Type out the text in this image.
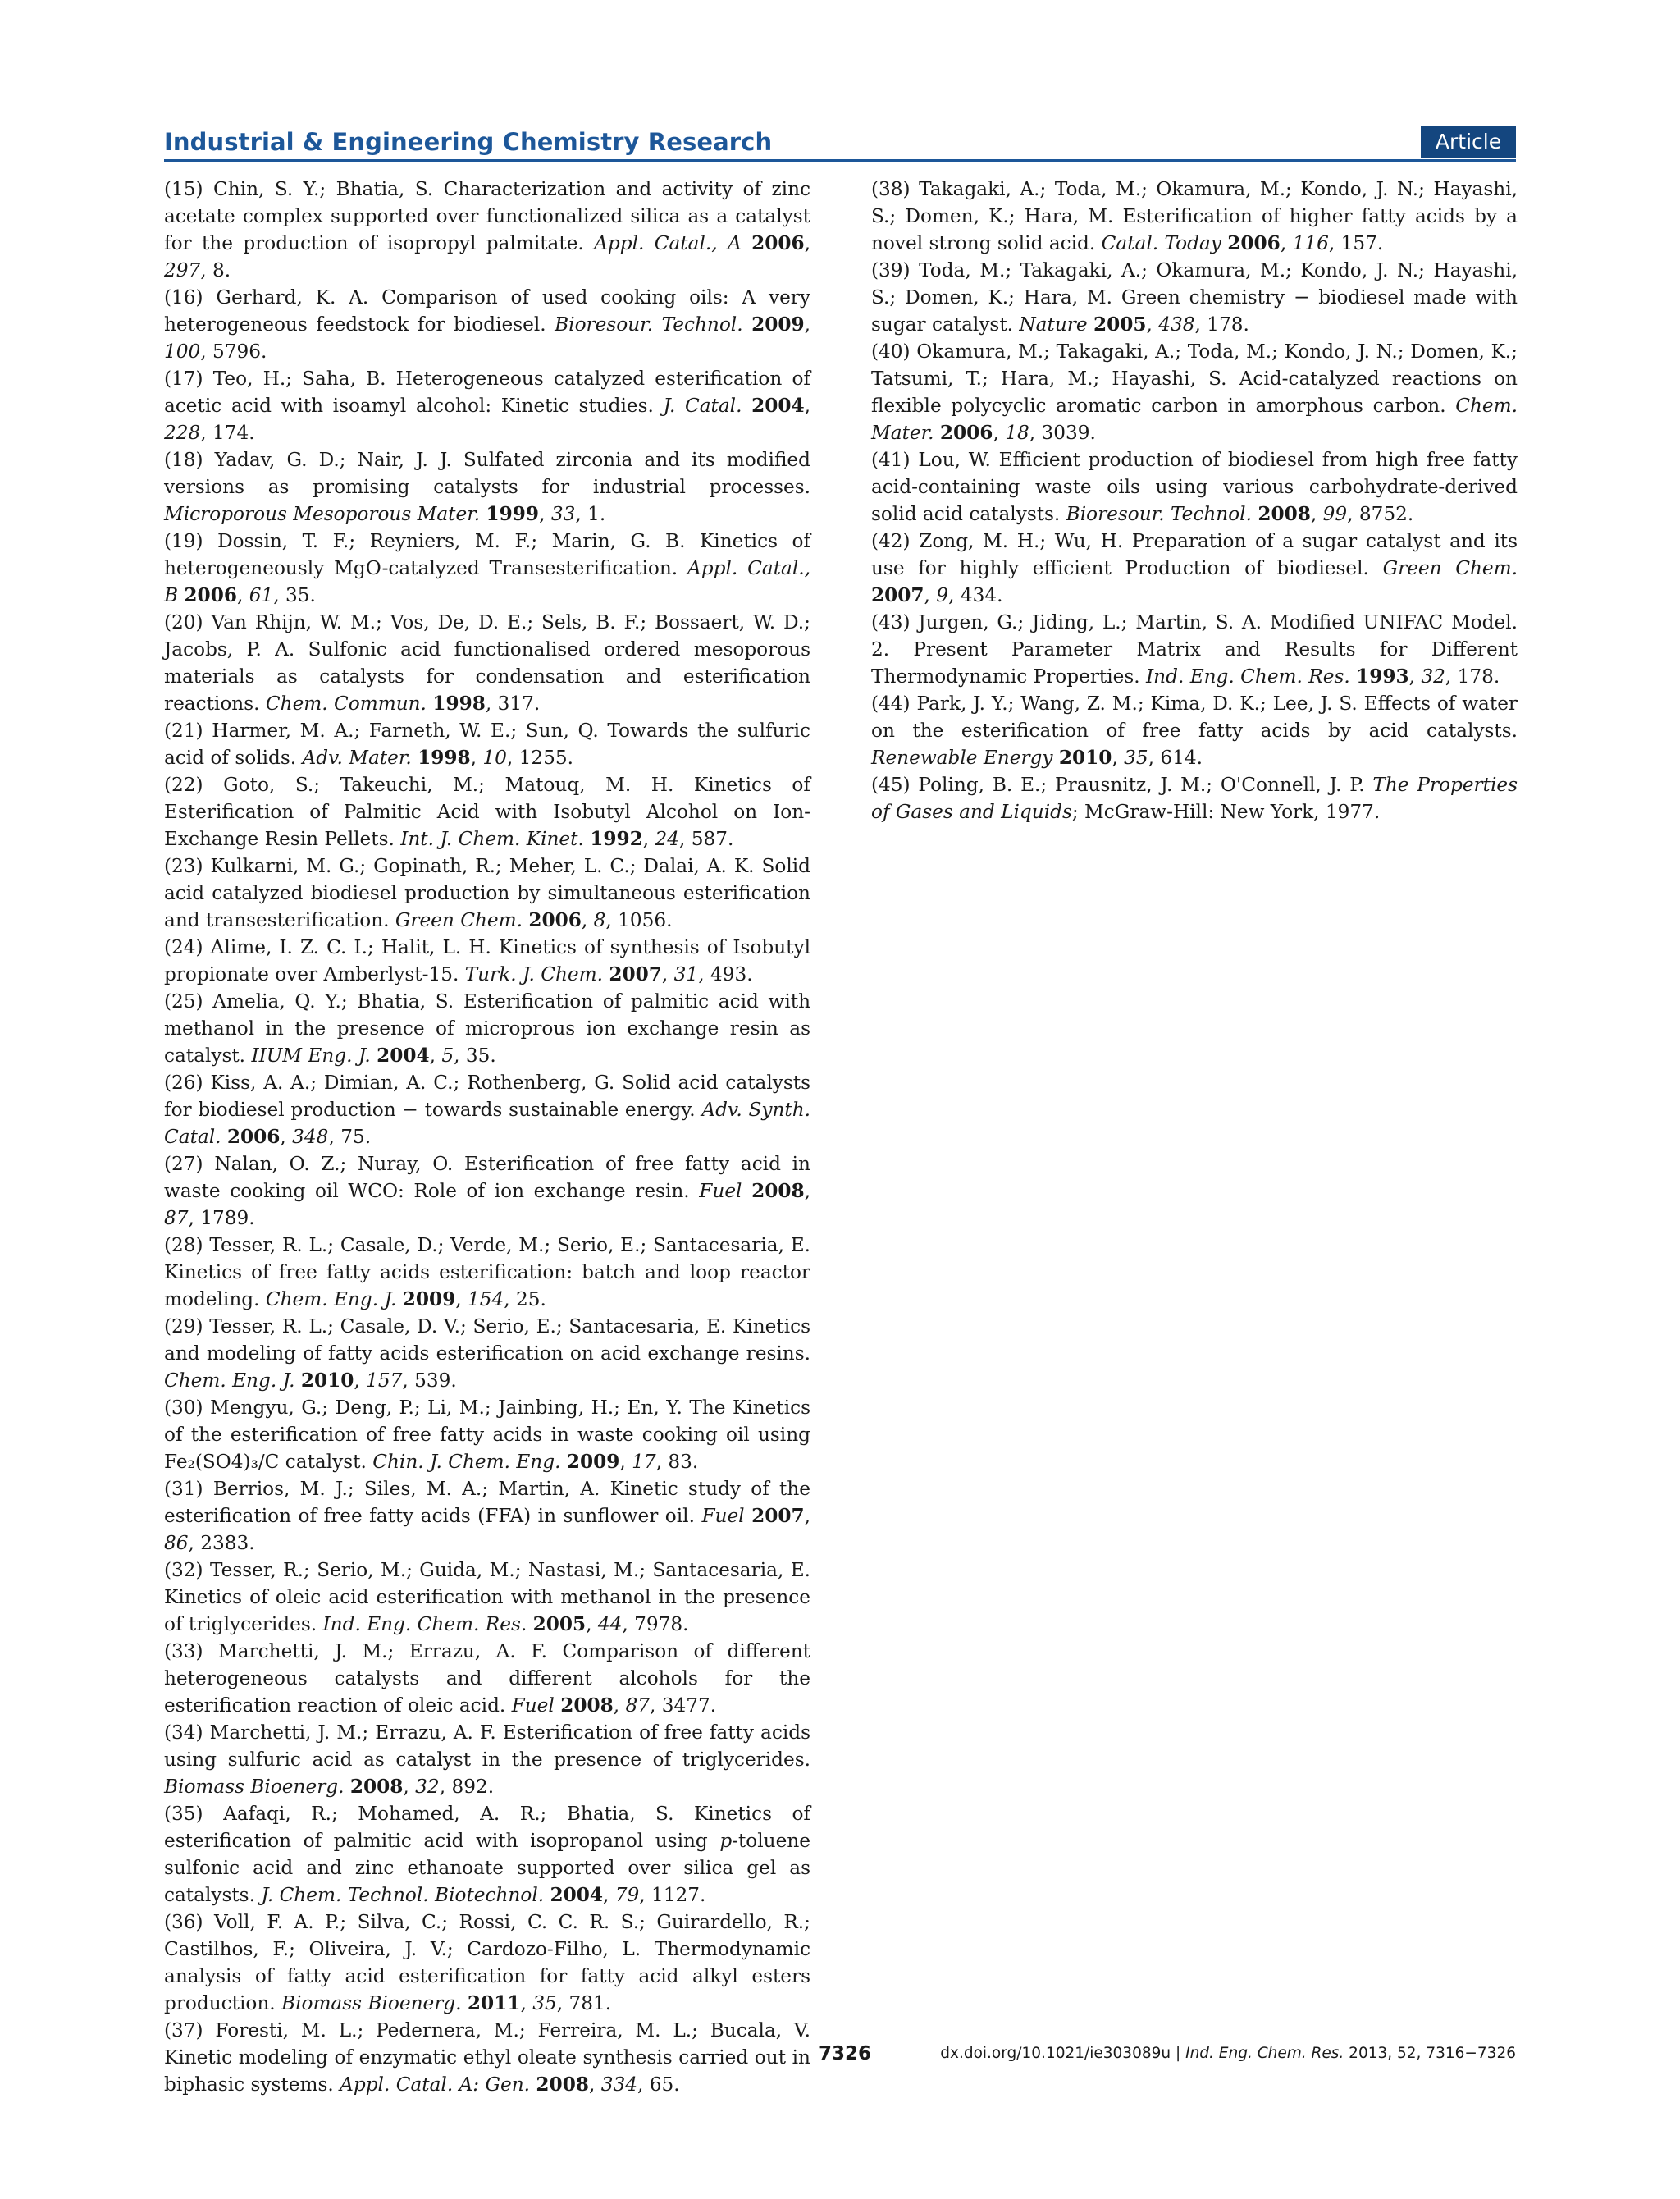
Industrial & Engineering Chemistry Research	Article

(15) Chin, S. Y.; Bhatia, S. Characterization and activity of zinc acetate complex supported over functionalized silica as a catalyst for the production of isopropyl palmitate. Appl. Catal., A 2006, 297, 8.

(16) Gerhard, K. A. Comparison of used cooking oils: A very heterogeneous feedstock for biodiesel. Bioresour. Technol. 2009, 100, 5796.

(17) Teo, H.; Saha, B. Heterogeneous catalyzed esterification of acetic acid with isoamyl alcohol: Kinetic studies. J. Catal. 2004, 228, 174.

(18) Yadav, G. D.; Nair, J. J. Sulfated zirconia and its modified versions as promising catalysts for industrial processes. Microporous Mesoporous Mater. 1999, 33, 1.

(19) Dossin, T. F.; Reyniers, M. F.; Marin, G. B. Kinetics of heterogeneously MgO-catalyzed Transesterification. Appl. Catal., B 2006, 61, 35.

(20) Van Rhijn, W. M.; Vos, De, D. E.; Sels, B. F.; Bossaert, W. D.; Jacobs, P. A. Sulfonic acid functionalised ordered mesoporous materials as catalysts for condensation and esterification reactions. Chem. Commun. 1998, 317.

(21) Harmer, M. A.; Farneth, W. E.; Sun, Q. Towards the sulfuric acid of solids. Adv. Mater. 1998, 10, 1255.

(22) Goto, S.; Takeuchi, M.; Matouq, M. H. Kinetics of Esterification of Palmitic Acid with Isobutyl Alcohol on Ion-Exchange Resin Pellets. Int. J. Chem. Kinet. 1992, 24, 587.

(23) Kulkarni, M. G.; Gopinath, R.; Meher, L. C.; Dalai, A. K. Solid acid catalyzed biodiesel production by simultaneous esterification and transesterification. Green Chem. 2006, 8, 1056.

(24) Alime, I. Z. C. I.; Halit, L. H. Kinetics of synthesis of Isobutyl propionate over Amberlyst-15. Turk. J. Chem. 2007, 31, 493.

(25) Amelia, Q. Y.; Bhatia, S. Esterification of palmitic acid with methanol in the presence of microprous ion exchange resin as catalyst. IIUM Eng. J. 2004, 5, 35.

(26) Kiss, A. A.; Dimian, A. C.; Rothenberg, G. Solid acid catalysts for biodiesel production − towards sustainable energy. Adv. Synth. Catal. 2006, 348, 75.

(27) Nalan, O. Z.; Nuray, O. Esterification of free fatty acid in waste cooking oil WCO: Role of ion exchange resin. Fuel 2008, 87, 1789.

(28) Tesser, R. L.; Casale, D.; Verde, M.; Serio, E.; Santacesaria, E. Kinetics of free fatty acids esterification: batch and loop reactor modeling. Chem. Eng. J. 2009, 154, 25.

(29) Tesser, R. L.; Casale, D. V.; Serio, E.; Santacesaria, E. Kinetics and modeling of fatty acids esterification on acid exchange resins. Chem. Eng. J. 2010, 157, 539.

(30) Mengyu, G.; Deng, P.; Li, M.; Jainbing, H.; En, Y. The Kinetics of the esterification of free fatty acids in waste cooking oil using Fe₂(SO4)₃/C catalyst. Chin. J. Chem. Eng. 2009, 17, 83.

(31) Berrios, M. J.; Siles, M. A.; Martin, A. Kinetic study of the esterification of free fatty acids (FFA) in sunflower oil. Fuel 2007, 86, 2383.

(32) Tesser, R.; Serio, M.; Guida, M.; Nastasi, M.; Santacesaria, E. Kinetics of oleic acid esterification with methanol in the presence of triglycerides. Ind. Eng. Chem. Res. 2005, 44, 7978.

(33) Marchetti, J. M.; Errazu, A. F. Comparison of different heterogeneous catalysts and different alcohols for the esterification reaction of oleic acid. Fuel 2008, 87, 3477.

(34) Marchetti, J. M.; Errazu, A. F. Esterification of free fatty acids using sulfuric acid as catalyst in the presence of triglycerides. Biomass Bioenerg. 2008, 32, 892.

(35) Aafaqi, R.; Mohamed, A. R.; Bhatia, S. Kinetics of esterification of palmitic acid with isopropanol using p-toluene sulfonic acid and zinc ethanoate supported over silica gel as catalysts. J. Chem. Technol. Biotechnol. 2004, 79, 1127.

(36) Voll, F. A. P.; Silva, C.; Rossi, C. C. R. S.; Guirardello, R.; Castilhos, F.; Oliveira, J. V.; Cardozo-Filho, L. Thermodynamic analysis of fatty acid esterification for fatty acid alkyl esters production. Biomass Bioenerg. 2011, 35, 781.

(37) Foresti, M. L.; Pedernera, M.; Ferreira, M. L.; Bucala, V. Kinetic modeling of enzymatic ethyl oleate synthesis carried out in biphasic systems. Appl. Catal. A: Gen. 2008, 334, 65.

(38) Takagaki, A.; Toda, M.; Okamura, M.; Kondo, J. N.; Hayashi, S.; Domen, K.; Hara, M. Esterification of higher fatty acids by a novel strong solid acid. Catal. Today 2006, 116, 157.

(39) Toda, M.; Takagaki, A.; Okamura, M.; Kondo, J. N.; Hayashi, S.; Domen, K.; Hara, M. Green chemistry − biodiesel made with sugar catalyst. Nature 2005, 438, 178.

(40) Okamura, M.; Takagaki, A.; Toda, M.; Kondo, J. N.; Domen, K.; Tatsumi, T.; Hara, M.; Hayashi, S. Acid-catalyzed reactions on flexible polycyclic aromatic carbon in amorphous carbon. Chem. Mater. 2006, 18, 3039.

(41) Lou, W. Efficient production of biodiesel from high free fatty acid-containing waste oils using various carbohydrate-derived solid acid catalysts. Bioresour. Technol. 2008, 99, 8752.

(42) Zong, M. H.; Wu, H. Preparation of a sugar catalyst and its use for highly efficient Production of biodiesel. Green Chem. 2007, 9, 434.

(43) Jurgen, G.; Jiding, L.; Martin, S. A. Modified UNIFAC Model. 2. Present Parameter Matrix and Results for Different Thermodynamic Properties. Ind. Eng. Chem. Res. 1993, 32, 178.

(44) Park, J. Y.; Wang, Z. M.; Kima, D. K.; Lee, J. S. Effects of water on the esterification of free fatty acids by acid catalysts. Renewable Energy 2010, 35, 614.

(45) Poling, B. E.; Prausnitz, J. M.; O'Connell, J. P. The Properties of Gases and Liquids; McGraw-Hill: New York, 1977.

7326	dx.doi.org/10.1021/ie303089u | Ind. Eng. Chem. Res. 2013, 52, 7316−7326
